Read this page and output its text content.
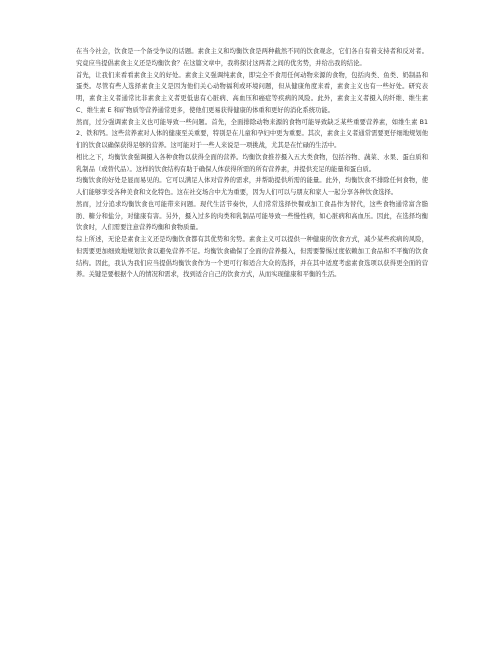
在当今社会，饮食是一个备受争议的话题。素食主义和均衡饮食是两种截然不同的饮食观念，它们各自有着支持者和反对者。究竟应当提倡素食主义还是均衡饮食？在这篇文章中，我将探讨这两者之间的优劣势，并给出我的结论。

首先，让我们来看看素食主义的好处。素食主义强调纯素食，即完全不食用任何动物来源的食物，包括肉类、鱼类、奶制品和蛋类。尽管有些人选择素食主义是因为他们关心动物福利或环境问题，但从健康角度来看，素食主义也有一些好处。研究表明，素食主义者通常比非素食主义者更低患有心脏病、高血压和癌症等疾病的风险。此外，素食主义者摄入的纤维、维生素 C、维生素 E 和矿物质等营养通常更多，使他们更易获得健康的体重和更好的消化系统功能。

然而，过分强调素食主义也可能导致一些问题。首先，全面排除动物来源的食物可能导致缺乏某些重要营养素，如维生素 B12、铁和钙。这些营养素对人体的健康至关重要，特别是在儿童和孕妇中更为重要。其次，素食主义者通常需要更仔细地规划他们的饮食以确保获得足够的营养。这可能对于一些人来说是一项挑战，尤其是在忙碌的生活中。

相比之下，均衡饮食强调摄入各种食物以获得全面的营养。均衡饮食推荐摄入五大类食物，包括谷物、蔬菜、水果、蛋白质和乳制品（或替代品）。这样的饮食结构有助于确保人体获得所需的所有营养素，并提供充足的能量和蛋白质。

均衡饮食的好处是显而易见的。它可以满足人体对营养的需求，并帮助提供所需的能量。此外，均衡饮食不排除任何食物，使人们能够享受各种美食和文化特色。这在社交场合中尤为重要，因为人们可以与朋友和家人一起分享各种饮食选择。

然而，过分追求均衡饮食也可能带来问题。现代生活节奏快，人们常常选择快餐或加工食品作为替代，这些食物通常富含脂肪、糖分和盐分，对健康有害。另外，摄入过多的肉类和乳制品可能导致一些慢性病，如心脏病和高血压。因此，在选择均衡饮食时，人们需要注意营养均衡和食物质量。

综上所述，无论是素食主义还是均衡饮食都有其优势和劣势。素食主义可以提供一种健康的饮食方式，减少某些疾病的风险，但需要更加细致地规划饮食以避免营养不足。均衡饮食确保了全面的营养摄入，但需要警惕过度依赖加工食品和不平衡的饮食结构。因此，我认为我们应当提倡均衡饮食作为一个更可行和适合大众的选择，并在其中适度考虑素食选项以获得更全面的营养。关键是要根据个人的情况和需求，找到适合自己的饮食方式，从而实现健康和平衡的生活。
